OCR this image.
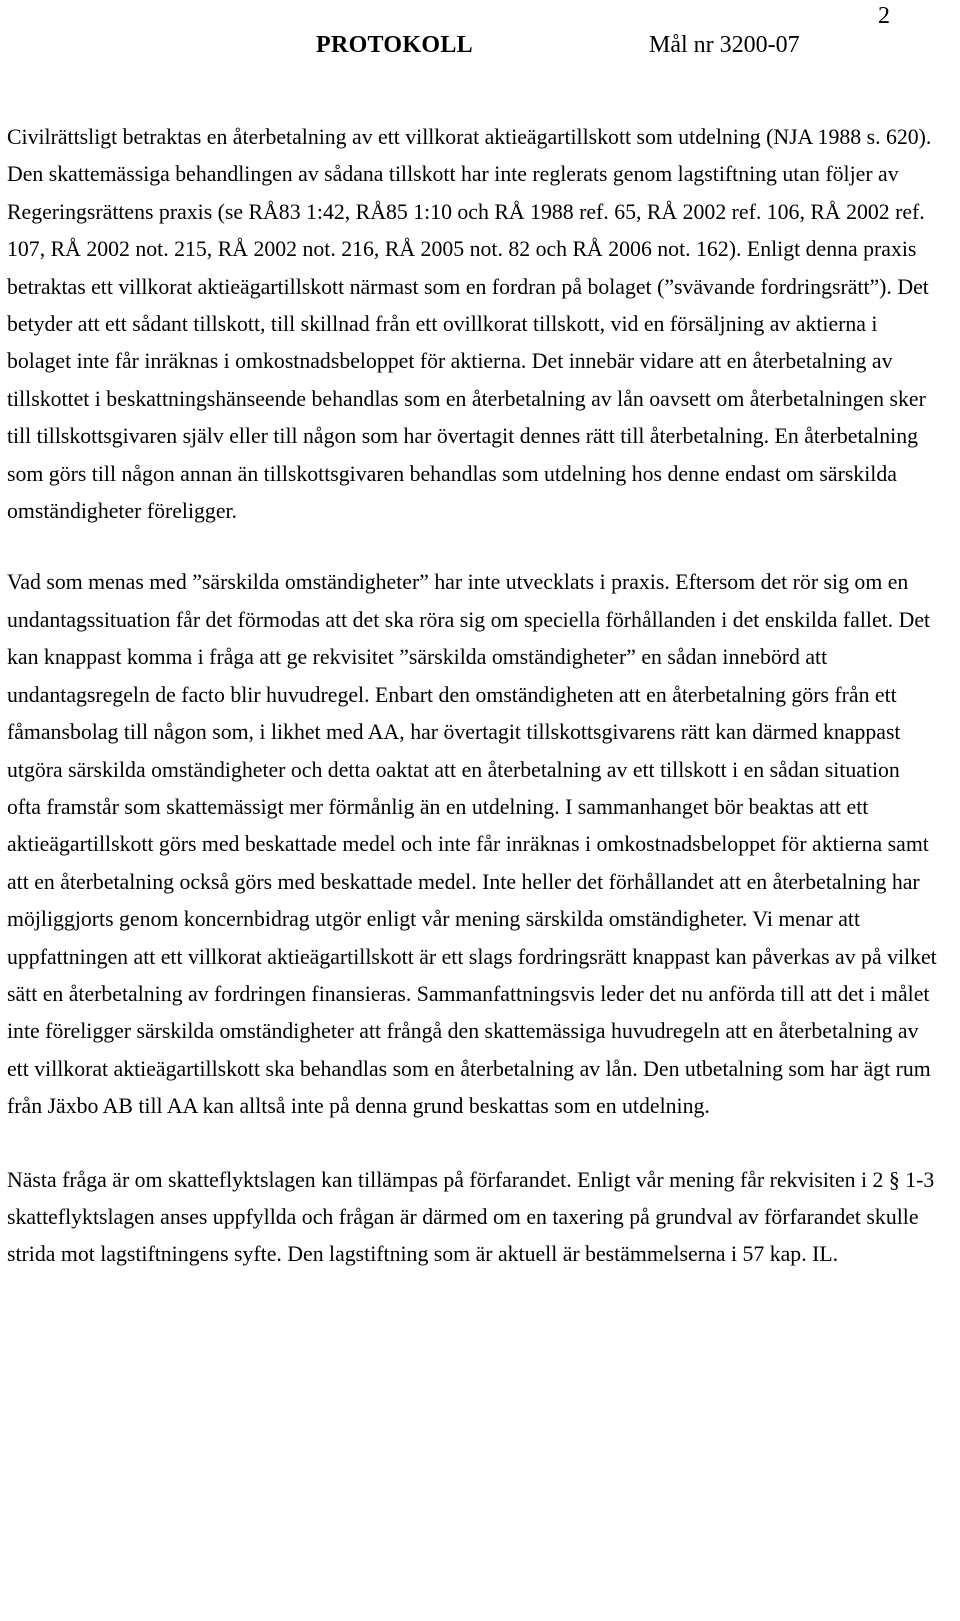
2
PROTOKOLL	Mål nr 3200-07

Civilrättsligt betraktas en återbetalning av ett villkorat aktieägartillskott som utdelning (NJA 1988 s. 620). Den skattemässiga behandlingen av sådana tillskott har inte reglerats genom lagstiftning utan följer av Regeringsrättens praxis (se RÅ83 1:42, RÅ85 1:10 och RÅ 1988 ref. 65, RÅ 2002 ref. 106, RÅ 2002 ref. 107, RÅ 2002 not. 215, RÅ 2002 not. 216, RÅ 2005 not. 82 och RÅ 2006 not. 162). Enligt denna praxis betraktas ett villkorat aktieägartillskott närmast som en fordran på bolaget (”svävande fordringsrätt”). Det betyder att ett sådant tillskott, till skillnad från ett ovillkorat tillskott, vid en försäljning av aktierna i bolaget inte får inräknas i omkostnadsbeloppet för aktierna. Det innebär vidare att en återbetalning av tillskottet i beskattningshänseende behandlas som en återbetalning av lån oavsett om återbetalningen sker till tillskottsgivaren själv eller till någon som har övertagit dennes rätt till återbetalning. En återbetalning som görs till någon annan än tillskottsgivaren behandlas som utdelning hos denne endast om särskilda omständigheter föreligger.

Vad som menas med ”särskilda omständigheter” har inte utvecklats i praxis. Eftersom det rör sig om en undantagssituation får det förmodas att det ska röra sig om speciella förhållanden i det enskilda fallet. Det kan knappast komma i fråga att ge rekvisitet ”särskilda omständigheter” en sådan innebörd att undantagsregeln de facto blir huvudregel. Enbart den omständigheten att en återbetalning görs från ett fåmansbolag till någon som, i likhet med AA, har övertagit tillskottsgivarens rätt kan därmed knappast utgöra särskilda omständigheter och detta oaktat att en återbetalning av ett tillskott i en sådan situation ofta framstår som skattemässigt mer förmånlig än en utdelning. I sammanhanget bör beaktas att ett aktieägartillskott görs med beskattade medel och inte får inräknas i omkostnadsbeloppet för aktierna samt att en återbetalning också görs med beskattade medel. Inte heller det förhållandet att en återbetalning har möjliggjorts genom koncernbidrag utgör enligt vår mening särskilda omständigheter. Vi menar att uppfattningen att ett villkorat aktieägartillskott är ett slags fordringsrätt knappast kan påverkas av på vilket sätt en återbetalning av fordringen finansieras. Sammanfattningsvis leder det nu anförda till att det i målet inte föreligger särskilda omständigheter att frångå den skattemässiga huvudregeln att en återbetalning av ett villkorat aktieägartillskott ska behandlas som en återbetalning av lån. Den utbetalning som har ägt rum från Jäxbo AB till AA kan alltså inte på denna grund beskattas som en utdelning.

Nästa fråga är om skatteflyktslagen kan tillämpas på förfarandet. Enligt vår mening får rekvisiten i 2 § 1-3 skatteflyktslagen anses uppfyllda och frågan är därmed om en taxering på grundval av förfarandet skulle strida mot lagstiftningens syfte. Den lagstiftning som är aktuell är bestämmelserna i 57 kap. IL.
